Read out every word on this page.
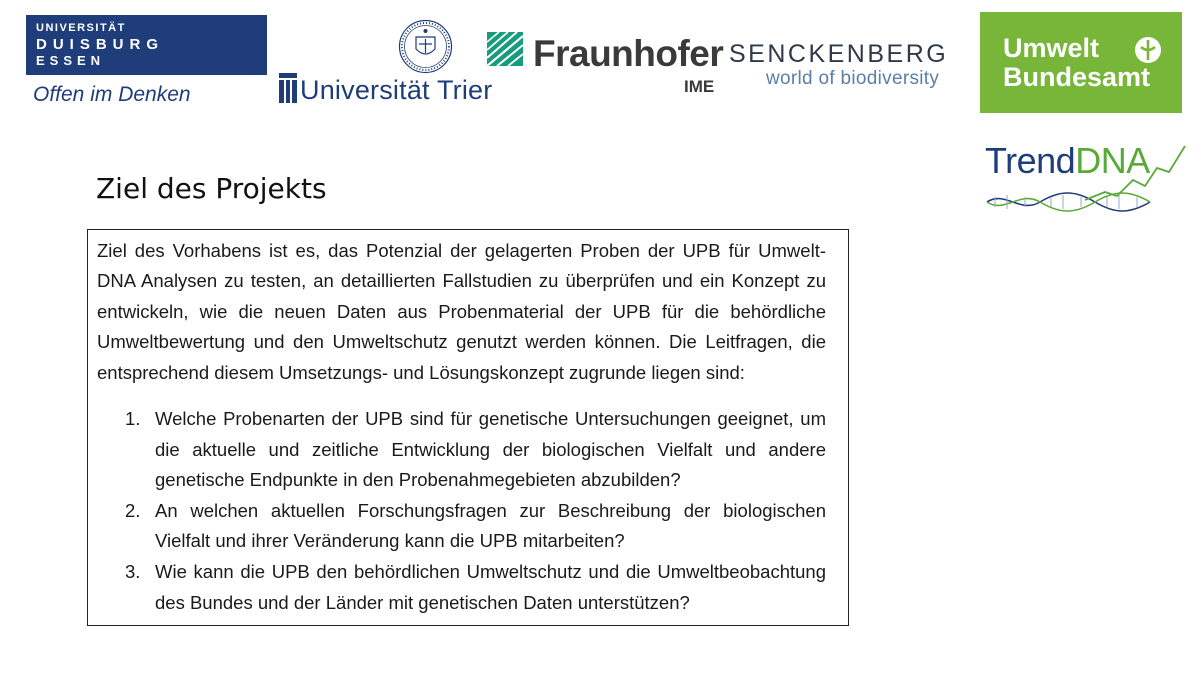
UNIVERSITÄT
DUISBURG
ESSEN
Offen im Denken	Universität Trier
Fraunhofer
IME
SENCKENBERG
world of biodiversity
Umwelt
Bundesamt
TrendDNA
Ziel des Projekts

Ziel des Vorhabens ist es, das Potenzial der gelagerten Proben der UPB für Umwelt-DNA Analysen zu testen, an detaillierten Fallstudien zu überprüfen und ein Konzept zu entwickeln, wie die neuen Daten aus Probenmaterial der UPB für die behördliche Umweltbewertung und den Umweltschutz genutzt werden können. Die Leitfragen, die entsprechend diesem Umsetzungs- und Lösungskonzept zugrunde liegen sind:

1. Welche Probenarten der UPB sind für genetische Untersuchungen geeignet, um die aktuelle und zeitliche Entwicklung der biologischen Vielfalt und andere genetische Endpunkte in den Probenahmegebieten abzubilden?
2. An welchen aktuellen Forschungsfragen zur Beschreibung der biologischen Vielfalt und ihrer Veränderung kann die UPB mitarbeiten?
3. Wie kann die UPB den behördlichen Umweltschutz und die Umweltbeobachtung des Bundes und der Länder mit genetischen Daten unterstützen?
